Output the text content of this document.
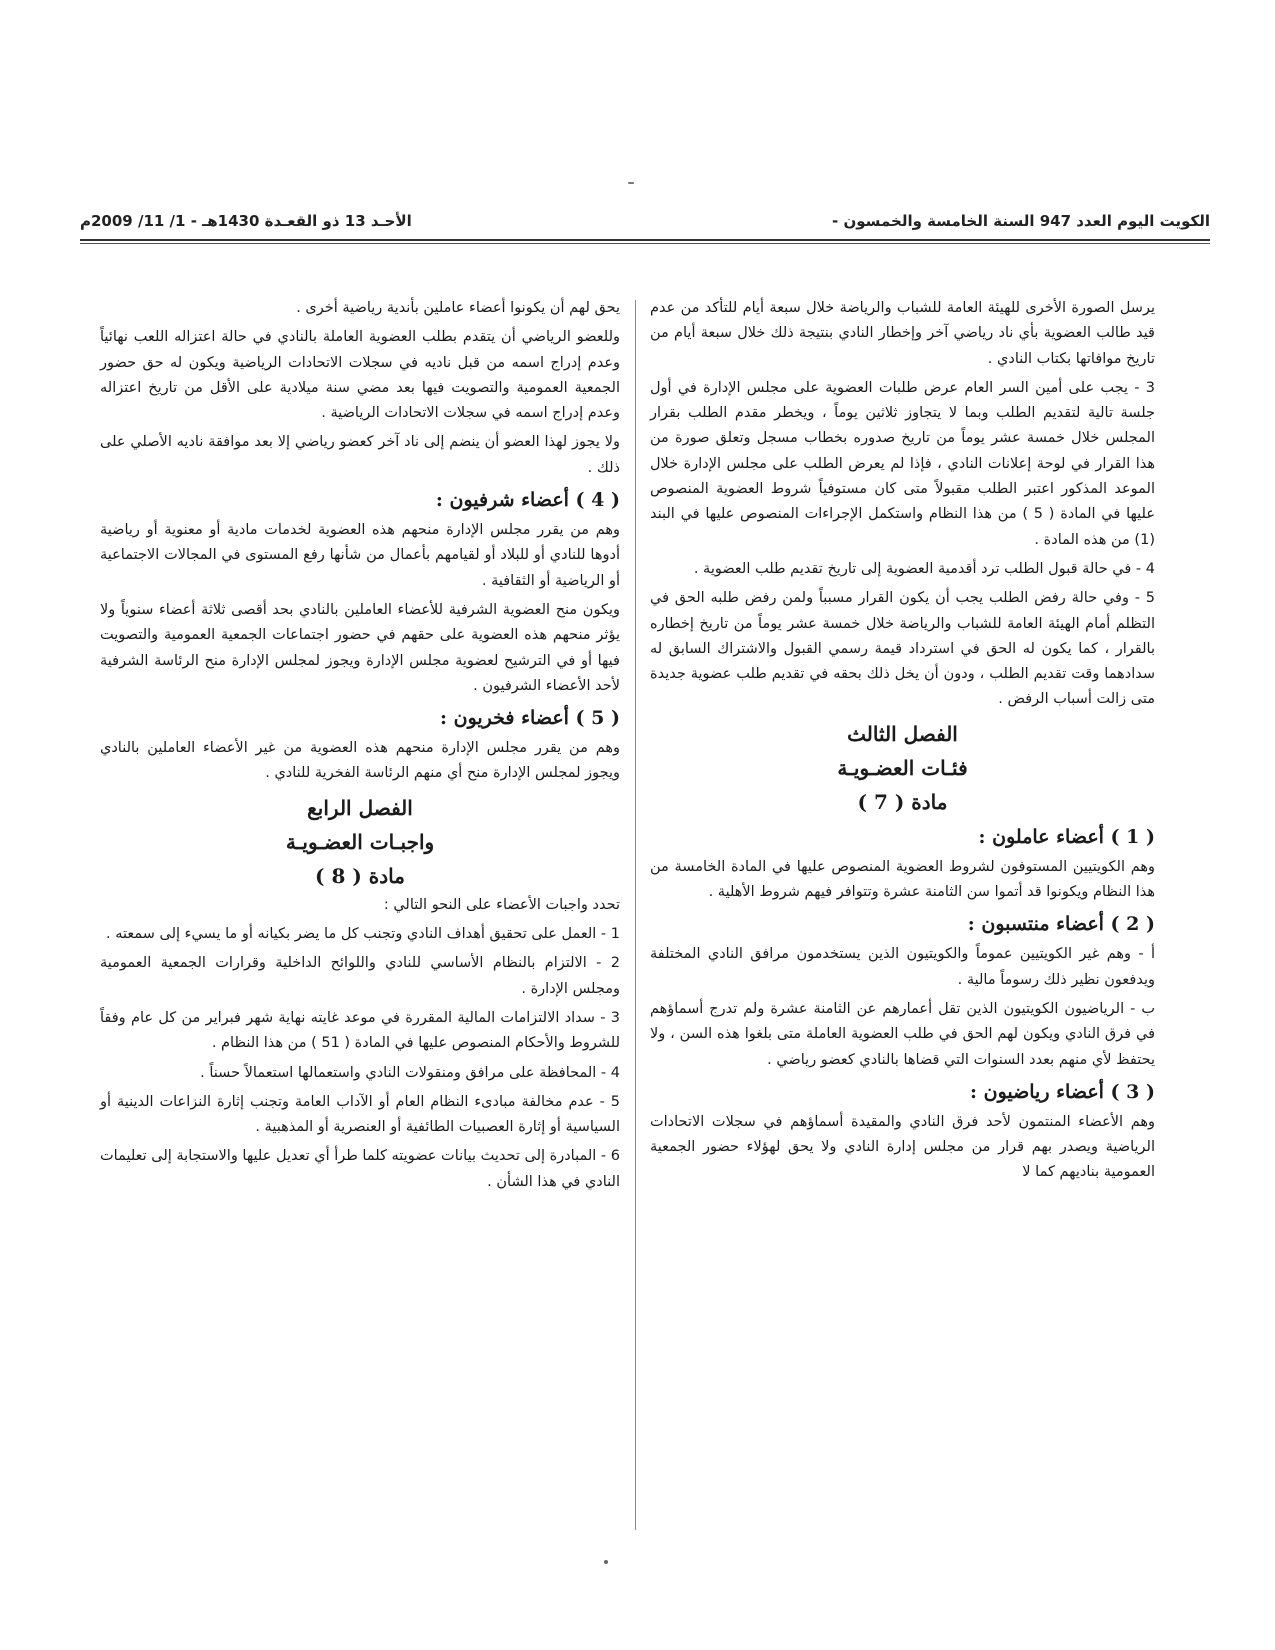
الكويت اليوم العدد 947 السنة الخامسة والخمسون -
الأحـد 13 ذو القعـدة 1430هـ - 1/ 11/ 2009م

يرسل الصورة الأخرى للهيئة العامة للشباب والرياضة خلال سبعة أيام للتأكد من عدم قيد طالب العضوية بأي ناد رياضي آخر وإخطار النادي بنتيجة ذلك خلال سبعة أيام من تاريخ موافاتها بكتاب النادي .

3 - يجب على أمين السر العام عرض طلبات العضوية على مجلس الإدارة في أول جلسة تالية لتقديم الطلب وبما لا يتجاوز ثلاثين يوماً ، ويخطر مقدم الطلب بقرار المجلس خلال خمسة عشر يوماً من تاريخ صدوره بخطاب مسجل وتعلق صورة من هذا القرار في لوحة إعلانات النادي ، فإذا لم يعرض الطلب على مجلس الإدارة خلال الموعد المذكور اعتبر الطلب مقبولاً متى كان مستوفياً شروط العضوية المنصوص عليها في المادة ( 5 ) من هذا النظام واستكمل الإجراءات المنصوص عليها في البند (1) من هذه المادة .

4 - في حالة قبول الطلب ترد أقدمية العضوية إلى تاريخ تقديم طلب العضوية .

5 - وفي حالة رفض الطلب يجب أن يكون القرار مسبباً ولمن رفض طلبه الحق في التظلم أمام الهيئة العامة للشباب والرياضة خلال خمسة عشر يوماً من تاريخ إخطاره بالقرار ، كما يكون له الحق في استرداد قيمة رسمي القبول والاشتراك السابق له سدادهما وقت تقديم الطلب ، ودون أن يخل ذلك بحقه في تقديم طلب عضوية جديدة متى زالت أسباب الرفض .

الفصل الثالث
فئـات العضـويـة
مادة ( 7 )
( 1 ) أعضاء عاملون :

وهم الكويتيين المستوفون لشروط العضوية المنصوص عليها في المادة الخامسة من هذا النظام ويكونوا قد أتموا سن الثامنة عشرة وتتوافر فيهم شروط الأهلية .

( 2 ) أعضاء منتسبون :

أ - وهم غير الكويتيين عموماً والكويتيون الذين يستخدمون مرافق النادي المختلفة ويدفعون نظير ذلك رسوماً مالية .

ب - الرياضيون الكويتيون الذين تقل أعمارهم عن الثامنة عشرة ولم تدرج أسماؤهم في فرق النادي ويكون لهم الحق في طلب العضوية العاملة متى بلغوا هذه السن ، ولا يحتفظ لأي منهم بعدد السنوات التي قضاها بالنادي كعضو رياضي .

( 3 ) أعضاء رياضيون :

وهم الأعضاء المنتمون لأحد فرق النادي والمقيدة أسماؤهم في سجلات الاتحادات الرياضية ويصدر بهم قرار من مجلس إدارة النادي ولا يحق لهؤلاء حضور الجمعية العمومية بناديهم كما لا

يحق لهم أن يكونوا أعضاء عاملين بأندية رياضية أخرى .

وللعضو الرياضي أن يتقدم بطلب العضوية العاملة بالنادي في حالة اعتزاله اللعب نهائياً وعدم إدراج اسمه من قبل ناديه في سجلات الاتحادات الرياضية ويكون له حق حضور الجمعية العمومية والتصويت فيها بعد مضي سنة ميلادية على الأقل من تاريخ اعتزاله وعدم إدراج اسمه في سجلات الاتحادات الرياضية .

ولا يجوز لهذا العضو أن ينضم إلى ناد آخر كعضو رياضي إلا بعد موافقة ناديه الأصلي على ذلك .

( 4 ) أعضاء شرفيون :

وهم من يقرر مجلس الإدارة منحهم هذه العضوية لخدمات مادية أو معنوية أو رياضية أدوها للنادي أو للبلاد أو لقيامهم بأعمال من شأنها رفع المستوى في المجالات الاجتماعية أو الرياضية أو الثقافية .

ويكون منح العضوية الشرفية للأعضاء العاملين بالنادي بحد أقصى ثلاثة أعضاء سنوياً ولا يؤثر منحهم هذه العضوية على حقهم في حضور اجتماعات الجمعية العمومية والتصويت فيها أو في الترشيح لعضوية مجلس الإدارة ويجوز لمجلس الإدارة منح الرئاسة الشرفية لأحد الأعضاء الشرفيون .

( 5 ) أعضاء فخريون :

وهم من يقرر مجلس الإدارة منحهم هذه العضوية من غير الأعضاء العاملين بالنادي ويجوز لمجلس الإدارة منح أي منهم الرئاسة الفخرية للنادي .

الفصل الرابع
واجبـات العضـويـة
مادة ( 8 )

تحدد واجبات الأعضاء على النحو التالي :

1 - العمل على تحقيق أهداف النادي وتجنب كل ما يضر بكيانه أو ما يسيء إلى سمعته .

2 - الالتزام بالنظام الأساسي للنادي واللوائح الداخلية وقرارات الجمعية العمومية ومجلس الإدارة .

3 - سداد الالتزامات المالية المقررة في موعد غايته نهاية شهر فبراير من كل عام وفقاً للشروط والأحكام المنصوص عليها في المادة ( 51 ) من هذا النظام .

4 - المحافظة على مرافق ومنقولات النادي واستعمالها استعمالاً حسناً .

5 - عدم مخالفة مبادىء النظام العام أو الآداب العامة وتجنب إثارة النزاعات الدينية أو السياسية أو إثارة العصبيات الطائفية أو العنصرية أو المذهبية .

6 - المبادرة إلى تحديث بيانات عضويته كلما طرأ أي تعديل عليها والاستجابة إلى تعليمات النادي في هذا الشأن .
